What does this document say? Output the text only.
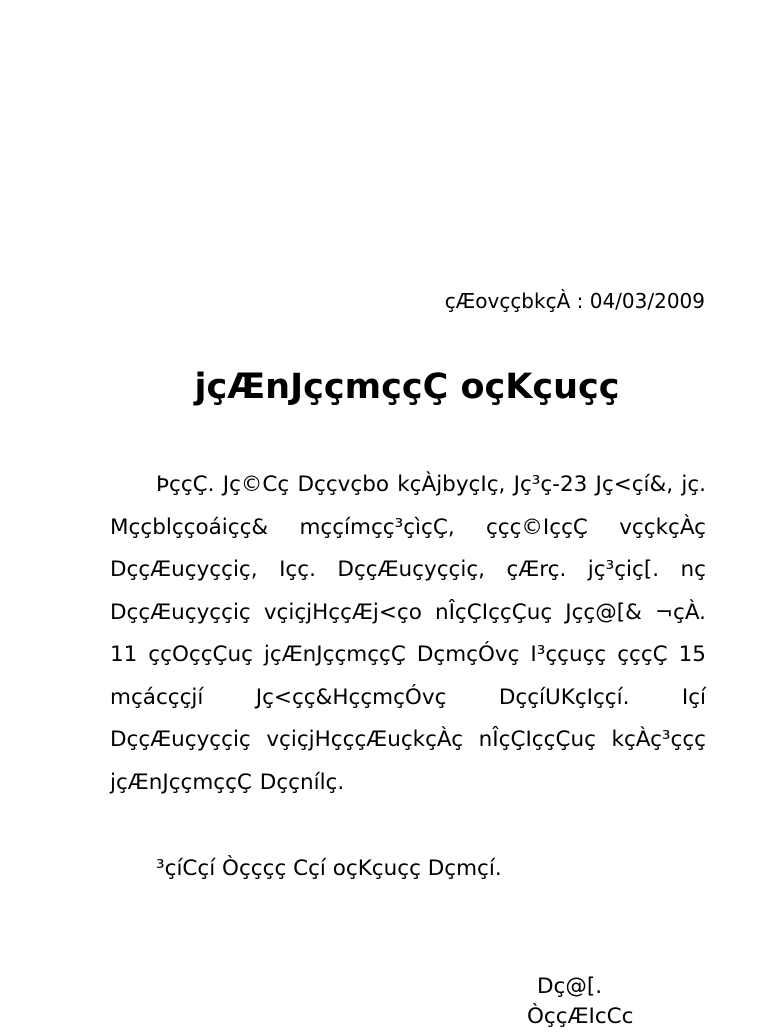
çÆovççbkçÀ : 04/03/2009
jçÆnJççmççÇ oçKçuçç

ÞççÇ. Jç©Cç Dççvçbo kçÀjbyçIç, Jç³ç-23 Jç<çí&, jç. Mççblççoáiçç& mççímçç³çìçÇ, ççç©IççÇ vççkçÀç DççÆuçyççiç, Içç. DççÆuçyççiç, çÆrç. jç³çiç[. nç DççÆuçyççiç vçiçjHççÆj<ço nÎçÇIççÇuç Jçç@[& ¬çÀ. 11 ççOççÇuç jçÆnJççmççÇ DçmçÓvç I³ççuçç çççÇ 15 mçácççjí Jç<çç&HççmçÓvç DççíUKçIççí. Içí DççÆuçyççiç vçiçjHçççÆuçkçÀç nÎçÇIççÇuç kçÀç³ççç jçÆnJççmççÇ Dççnílç.

³çíCçí Òçççç Cçí oçKçuçç Dçmçí.
Dç@[.
ÒççÆIcCc
